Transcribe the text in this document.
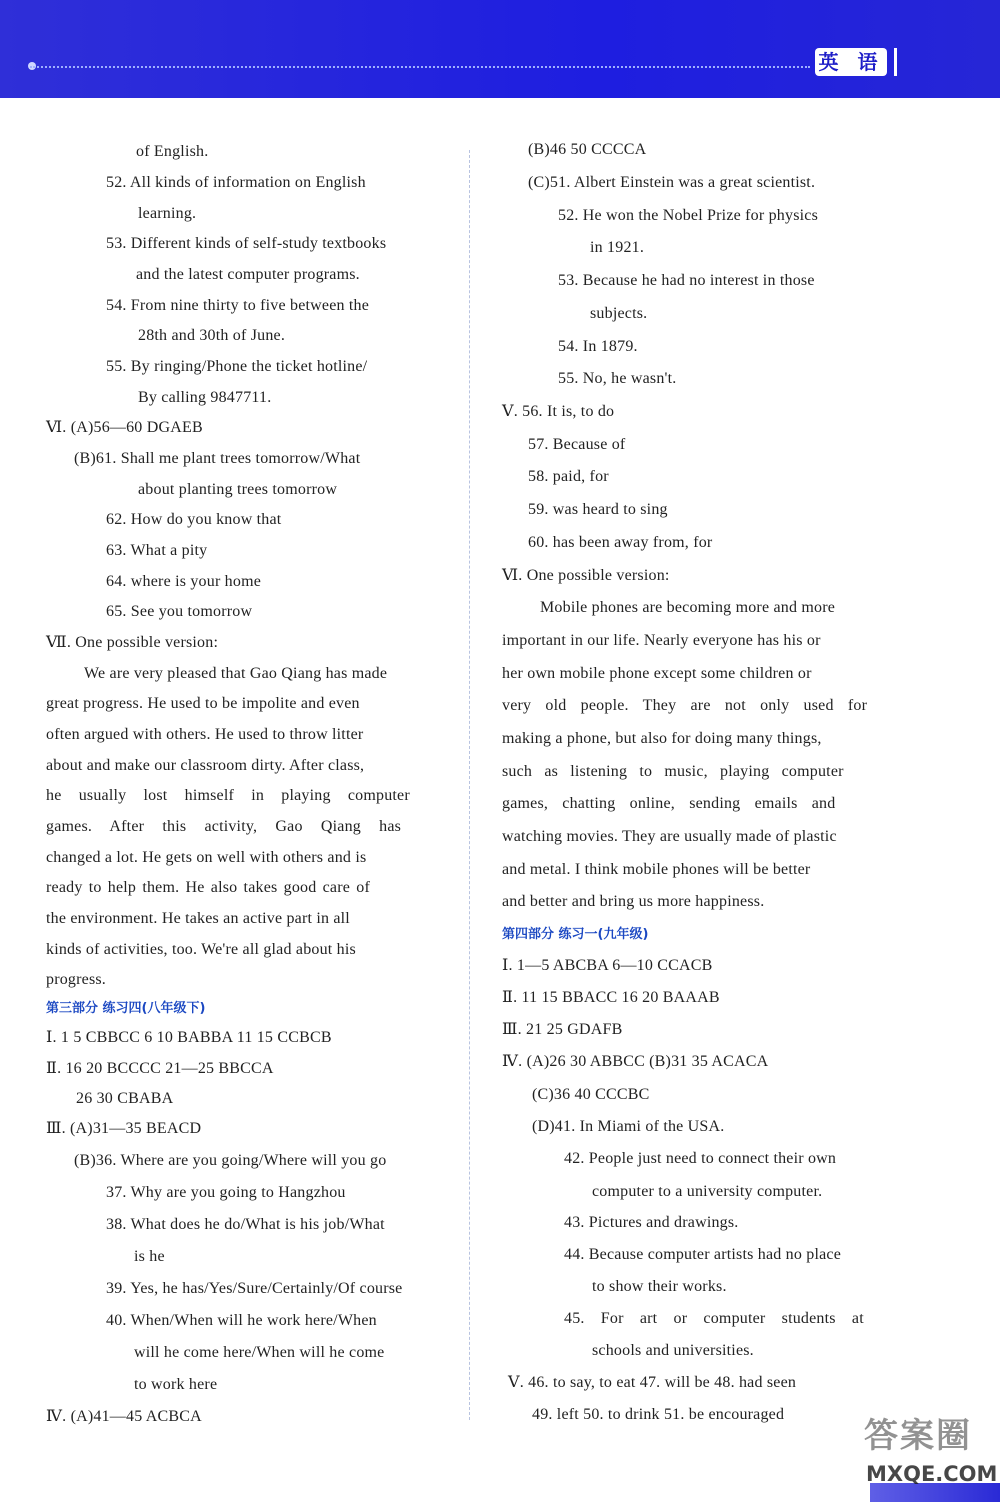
英 语
of English.
52. All kinds of information on English
learning.
53. Different kinds of self-study textbooks
and the latest computer programs.
54. From nine thirty to five between the
28th and 30th of June.
55. By ringing/Phone the ticket hotline/
By calling 9847711.
Ⅵ. (A)56—60 DGAEB
(B)61. Shall me plant trees tomorrow/What
about planting trees tomorrow
62. How do you know that
63. What a pity
64. where is your home
65. See you tomorrow
Ⅶ. One possible version:
We are very pleased that Gao Qiang has made
great progress. He used to be impolite and even
often argued with others. He used to throw litter
about and make our classroom dirty. After class,
he usually lost himself in playing computer
games. After this activity, Gao Qiang has
changed a lot. He gets on well with others and is
ready to help them. He also takes good care of
the environment. He takes an active part in all
kinds of activities, too. We're all glad about his
progress.
第三部分 练习四(八年级下)
Ⅰ. 1 5 CBBCC 6 10 BABBA 11 15 CCBCB
Ⅱ. 16 20 BCCCC 21—25 BBCCA
26 30 CBABA
Ⅲ. (A)31—35 BEACD
(B)36. Where are you going/Where will you go
37. Why are you going to Hangzhou
38. What does he do/What is his job/What
is he
39. Yes, he has/Yes/Sure/Certainly/Of course
40. When/When will he work here/When
will he come here/When will he come
to work here
Ⅳ. (A)41—45 ACBCA
(B)46 50 CCCCA
(C)51. Albert Einstein was a great scientist.
52. He won the Nobel Prize for physics
in 1921.
53. Because he had no interest in those
subjects.
54. In 1879.
55. No, he wasn't.
Ⅴ. 56. It is, to do
57. Because of
58. paid, for
59. was heard to sing
60. has been away from, for
Ⅵ. One possible version:
Mobile phones are becoming more and more
important in our life. Nearly everyone has his or
her own mobile phone except some children or
very old people. They are not only used for
making a phone, but also for doing many things,
such as listening to music, playing computer
games, chatting online, sending emails and
watching movies. They are usually made of plastic
and metal. I think mobile phones will be better
and better and bring us more happiness.
第四部分 练习一(九年级)
Ⅰ. 1—5 ABCBA 6—10 CCACB
Ⅱ. 11 15 BBACC 16 20 BAAAB
Ⅲ. 21 25 GDAFB
Ⅳ. (A)26 30 ABBCC (B)31 35 ACACA
(C)36 40 CCCBC
(D)41. In Miami of the USA.
42. People just need to connect their own
computer to a university computer.
43. Pictures and drawings.
44. Because computer artists had no place
to show their works.
45. For art or computer students at
schools and universities.
Ⅴ. 46. to say, to eat 47. will be 48. had seen
49. left 50. to drink 51. be encouraged
答案圈
MXQE.COM
